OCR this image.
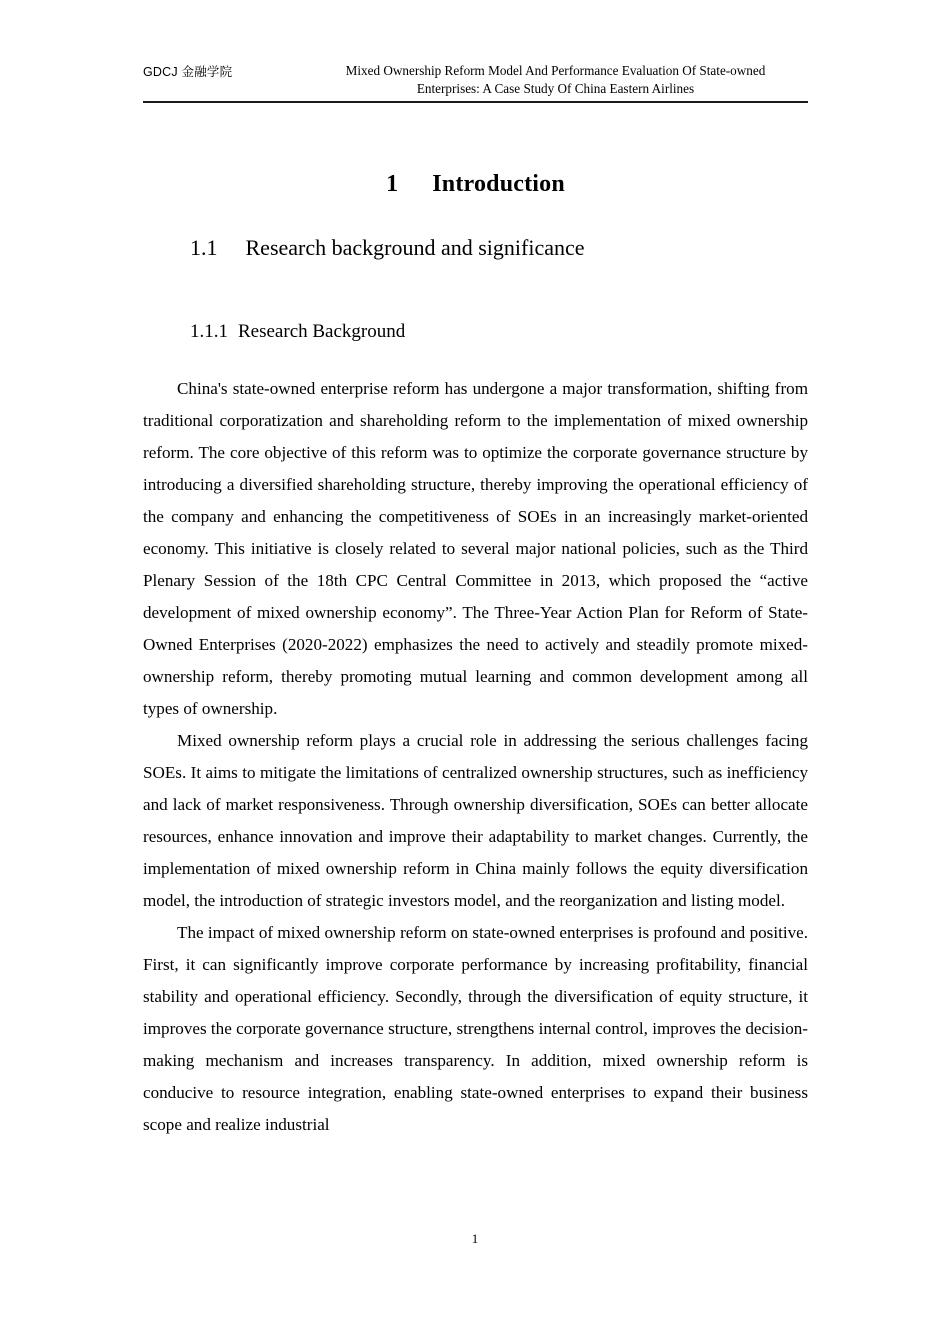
GDCJ 金融学院	Mixed Ownership Reform Model And Performance Evaluation Of State-owned
Enterprises: A Case Study Of China Eastern Airlines
1 Introduction
1.1 Research background and significance
1.1.1 Research Background

China's state-owned enterprise reform has undergone a major transformation, shifting from traditional corporatization and shareholding reform to the implementation of mixed ownership reform. The core objective of this reform was to optimize the corporate governance structure by introducing a diversified shareholding structure, thereby improving the operational efficiency of the company and enhancing the competitiveness of SOEs in an increasingly market-oriented economy. This initiative is closely related to several major national policies, such as the Third Plenary Session of the 18th CPC Central Committee in 2013, which proposed the “active development of mixed ownership economy”. The Three-Year Action Plan for Reform of State-Owned Enterprises (2020-2022) emphasizes the need to actively and steadily promote mixed-ownership reform, thereby promoting mutual learning and common development among all types of ownership.

Mixed ownership reform plays a crucial role in addressing the serious challenges facing SOEs. It aims to mitigate the limitations of centralized ownership structures, such as inefficiency and lack of market responsiveness. Through ownership diversification, SOEs can better allocate resources, enhance innovation and improve their adaptability to market changes. Currently, the implementation of mixed ownership reform in China mainly follows the equity diversification model, the introduction of strategic investors model, and the reorganization and listing model.

The impact of mixed ownership reform on state-owned enterprises is profound and positive. First, it can significantly improve corporate performance by increasing profitability, financial stability and operational efficiency. Secondly, through the diversification of equity structure, it improves the corporate governance structure, strengthens internal control, improves the decision-making mechanism and increases transparency. In addition, mixed ownership reform is conducive to resource integration, enabling state-owned enterprises to expand their business scope and realize industrial

1
